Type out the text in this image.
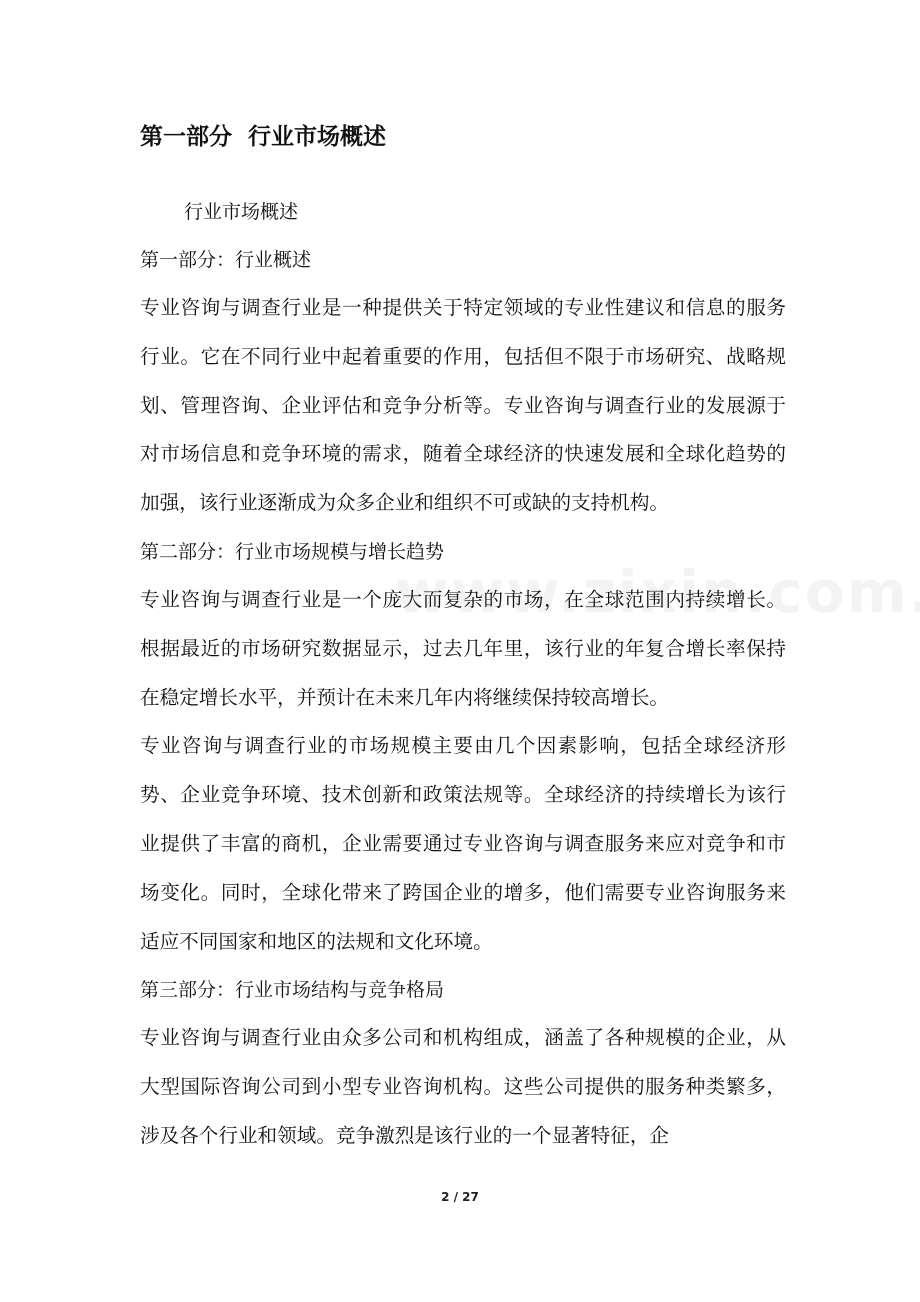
第一部分  行业市场概述

行业市场概述

第一部分：行业概述

专业咨询与调查行业是一种提供关于特定领域的专业性建议和信息的服务行业。它在不同行业中起着重要的作用，包括但不限于市场研究、战略规划、管理咨询、企业评估和竞争分析等。专业咨询与调查行业的发展源于对市场信息和竞争环境的需求，随着全球经济的快速发展和全球化趋势的加强，该行业逐渐成为众多企业和组织不可或缺的支持机构。

第二部分：行业市场规模与增长趋势

专业咨询与调查行业是一个庞大而复杂的市场，在全球范围内持续增长。根据最近的市场研究数据显示，过去几年里，该行业的年复合增长率保持在稳定增长水平，并预计在未来几年内将继续保持较高增长。

专业咨询与调查行业的市场规模主要由几个因素影响，包括全球经济形势、企业竞争环境、技术创新和政策法规等。全球经济的持续增长为该行业提供了丰富的商机，企业需要通过专业咨询与调查服务来应对竞争和市场变化。同时，全球化带来了跨国企业的增多，他们需要专业咨询服务来适应不同国家和地区的法规和文化环境。

第三部分：行业市场结构与竞争格局

专业咨询与调查行业由众多公司和机构组成，涵盖了各种规模的企业，从大型国际咨询公司到小型专业咨询机构。这些公司提供的服务种类繁多，涉及各个行业和领域。竞争激烈是该行业的一个显著特征，企

2 / 27
